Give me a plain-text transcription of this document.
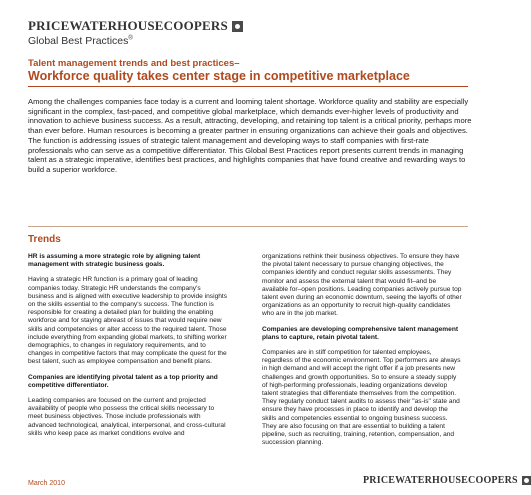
PRICEWATERHOUSECOOPERS
Global Best Practices®
Talent management trends and best practices–
Workforce quality takes center stage in competitive marketplace
Among the challenges companies face today is a current and looming talent shortage. Workforce quality and stability are especially significant in the complex, fast-paced, and competitive global marketplace, which demands ever-higher levels of productivity and innovation to achieve business success. As a result, attracting, developing, and retaining top talent is a critical priority, perhaps more than ever before. Human resources is becoming a greater partner in ensuring organizations can achieve their goals and objectives. The function is addressing issues of strategic talent management and developing ways to staff companies with first-rate professionals who can serve as a competitive differentiator. This Global Best Practices report presents current trends in managing talent as a strategic imperative, identifies best practices, and highlights companies that have found creative and rewarding ways to build a superior workforce.
Trends

HR is assuming a more strategic role by aligning talent management with strategic business goals.

Having a strategic HR function is a primary goal of leading companies today. Strategic HR understands the company's business and is aligned with executive leadership to provide insights on the skills essential to the company's success. The function is responsible for creating a detailed plan for building the enabling workforce and for staying abreast of issues that would require new skills and competencies or alter access to the required talent. Those include everything from expanding global markets, to shifting worker demographics, to changes in regulatory requirements, and to changes in competitive factors that may complicate the quest for the best talent, such as employee compensation and benefit plans.

Companies are identifying pivotal talent as a top priority and competitive differentiator.

Leading companies are focused on the current and projected availability of people who possess the critical skills necessary to meet business objectives. Those include professionals with advanced technological, analytical, interpersonal, and cross-cultural skills who keep pace as market conditions evolve and

organizations rethink their business objectives. To ensure they have the pivotal talent necessary to pursue changing objectives, the companies identify and conduct regular skills assessments. They monitor and assess the external talent that would fit–and be available for–open positions. Leading companies actively pursue top talent even during an economic downturn, seeing the layoffs of other organizations as an opportunity to recruit high-quality candidates who are in the job market.

Companies are developing comprehensive talent management plans to capture, retain pivotal talent.

Companies are in stiff competition for talented employees, regardless of the economic environment. Top performers are always in high demand and will accept the right offer if a job presents new challenges and growth opportunities. So to ensure a steady supply of high-performing professionals, leading organizations develop talent strategies that differentiate themselves from the competition. They regularly conduct talent audits to assess their "as-is" state and ensure they have processes in place to identify and develop the skills and competencies essential to ongoing business success. They are also focusing on that are essential to building a talent pipeline, such as recruiting, training, retention, compensation, and succession planning.

March 2010	PRICEWATERHOUSECOOPERS
